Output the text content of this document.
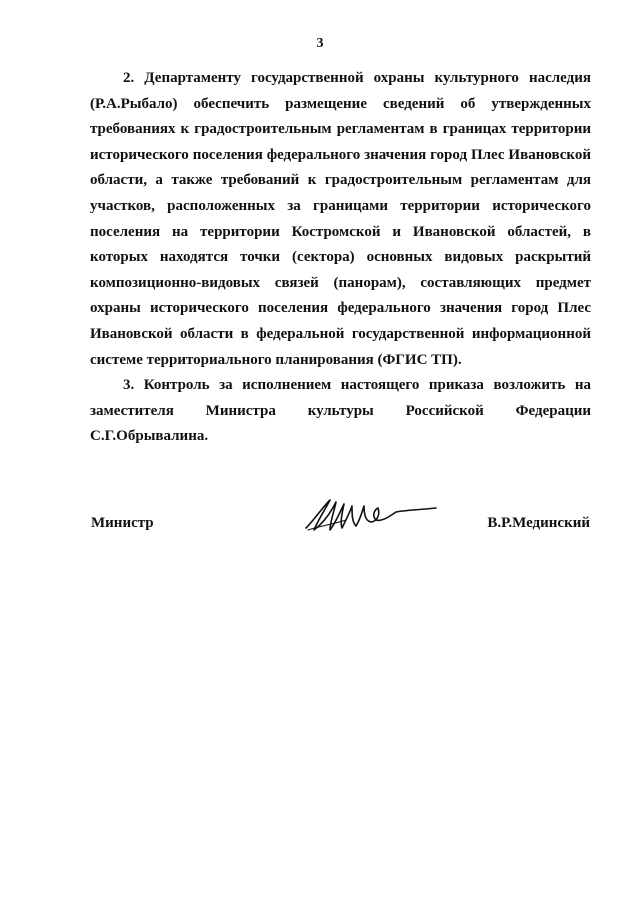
3

2. Департаменту государственной охраны культурного наследия (Р.А.Рыбало) обеспечить размещение сведений об утвержденных требованиях к градостроительным регламентам в границах территории исторического поселения федерального значения город Плес Ивановской области, а также требований к градостроительным регламентам для участков, расположенных за границами территории исторического поселения на территории Костромской и Ивановской областей, в которых находятся точки (сектора) основных видовых раскрытий композиционно-видовых связей (панорам), составляющих предмет охраны исторического поселения федерального значения город Плес Ивановской области в федеральной государственной информационной системе территориального планирования (ФГИС ТП).

3. Контроль за исполнением настоящего приказа возложить на заместителя Министра культуры Российской Федерации С.Г.Обрывалина.

Министр	В.Р.Мединский
